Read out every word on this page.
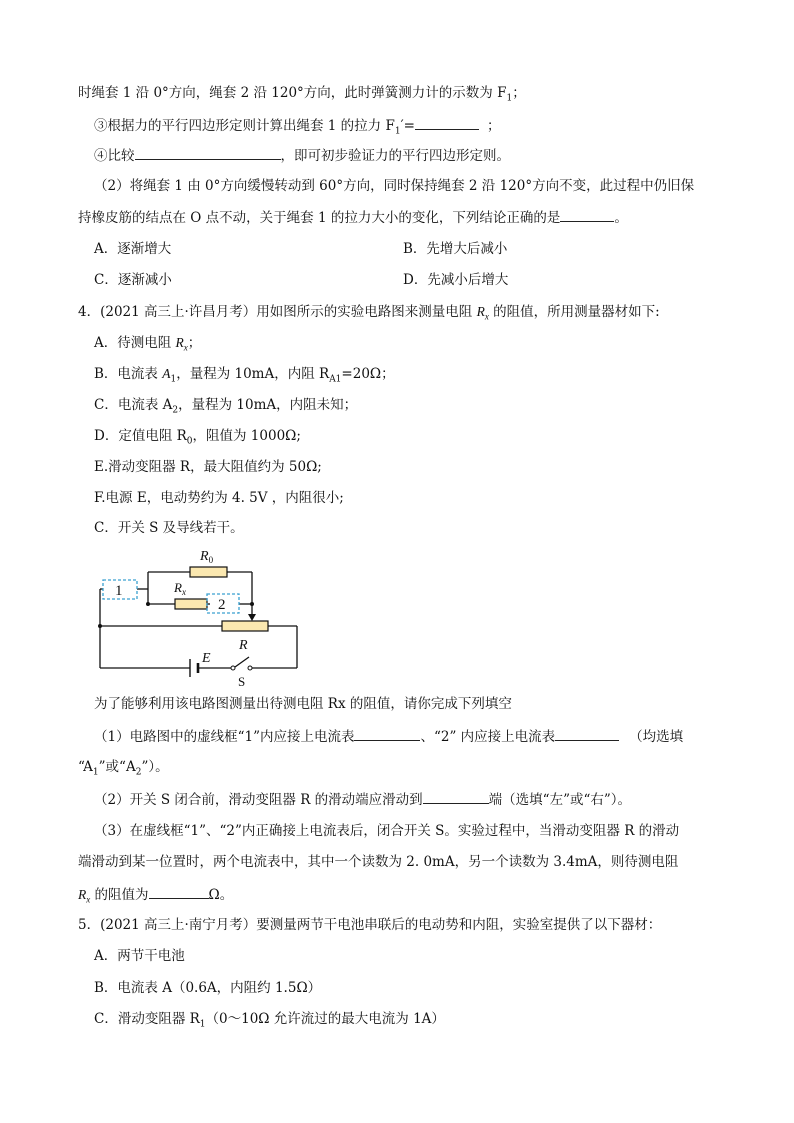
时绳套 1 沿 0°方向，绳套 2 沿 120°方向，此时弹簧测力计的示数为 $F_1$；
③根据力的平行四边形定则计算出绳套 1 的拉力 $F_1'=$	；
④比较	，即可初步验证力的平行四边形定则。
（2）将绳套 1 由 0°方向缓慢转动到 60°方向，同时保持绳套 2 沿 120°方向不变，此过程中仍旧保
持橡皮筋的结点在 O 点不动，关于绳套 1 的拉力大小的变化，下列结论正确的是	。
A．逐渐增大	B．先增大后减小
C．逐渐减小	D．先减小后增大
4．(2021 高三上·许昌月考）用如图所示的实验电路图来测量电阻 $R_x$ 的阻值，所用测量器材如下:
A．待测电阻 $R_x$；
B．电流表 $A_1$，量程为 10mA，内阻 $R_{A1}=20\Omega$；
C．电流表 $A_2$，量程为 10mA，内阻未知；
D．定值电阻 $R_0$，阻值为 1000Ω;
E.滑动变阻器 R，最大阻值约为 50Ω;
F.电源 E，电动势约为 4. 5V ，内阻很小;
C．开关 S 及导线若干。
$R_0$
$R_x$
1
2
R
E
S
为了能够利用该电路图测量出待测电阻 Rx 的阻值，请你完成下列填空
（1）电路图中的虚线框“1”内应接上电流表	、“2” 内应接上电流表	（均选填
“$A_1$”或“$A_2$”）。
（2）开关 S 闭合前，滑动变阻器 R 的滑动端应滑动到	端（选填“左”或“右”）。
（3）在虚线框“1”、“2”内正确接上电流表后，闭合开关 S。实验过程中，当滑动变阻器 R 的滑动
端滑动到某一位置时，两个电流表中，其中一个读数为 2. 0mA，另一个读数为 3.4mA，则待测电阻
$R_x$ 的阻值为	Ω。
5．(2021 高三上·南宁月考）要测量两节干电池串联后的电动势和内阻，实验室提供了以下器材：
A．两节干电池
B．电流表 A（0.6A，内阻约 1.5Ω）
C．滑动变阻器 $R_1(0\sim 10\Omega$ 允许流过的最大电流为 1A）
